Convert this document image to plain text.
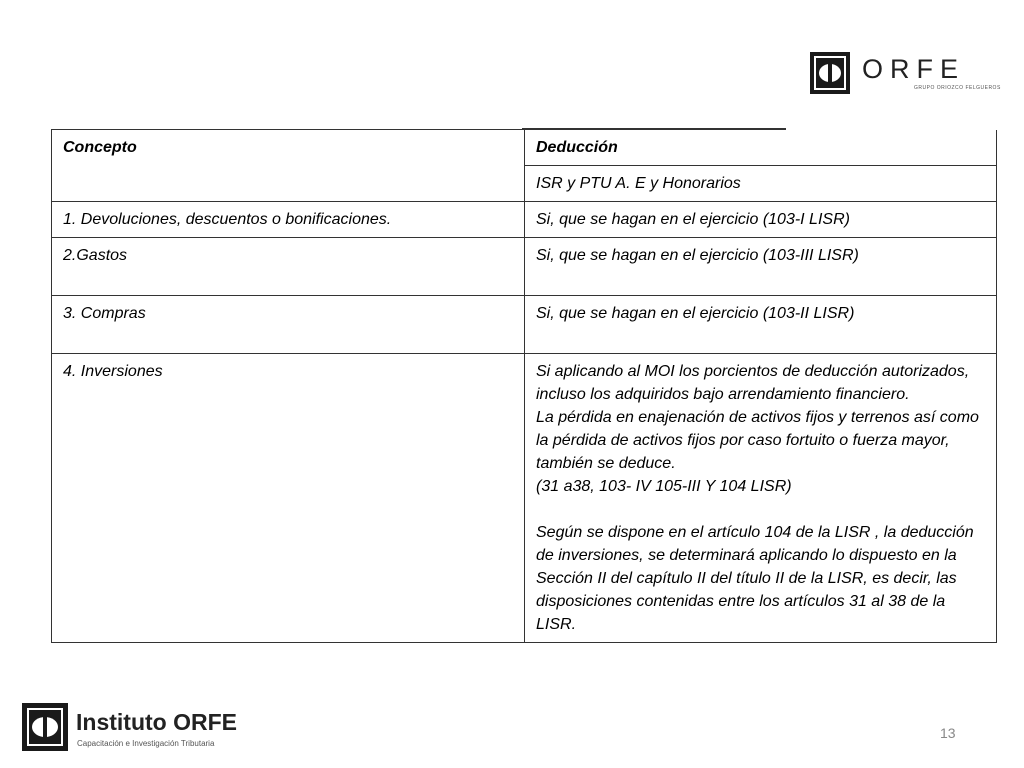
ORFE
GRUPO ORIOZCO FELGUEROS
Concepto	Deducción
	ISR y PTU A. E y Honorarios
1. Devoluciones, descuentos o bonificaciones.	Si, que se hagan en el ejercicio (103-I LISR)
2.Gastos	Si, que se hagan en el ejercicio (103-III LISR)
3. Compras	Si, que se hagan en el ejercicio (103-II LISR)
4. Inversiones	Si aplicando al MOI los porcientos de deducción autorizados, incluso los adquiridos bajo arrendamiento financiero.

La pérdida en enajenación de activos fijos y terrenos así como la pérdida de activos fijos por caso fortuito o fuerza mayor, también se deduce.

(31 a38, 103- IV 105-III Y 104 LISR)

Según se dispone en el artículo 104 de la LISR , la deducción de inversiones, se determinará aplicando lo dispuesto en la Sección II del capítulo II del título II de la LISR, es decir, las disposiciones contenidas entre los artículos 31 al 38 de la LISR.

Instituto ORFE
Capacitación e Investigación Tributaria
13
